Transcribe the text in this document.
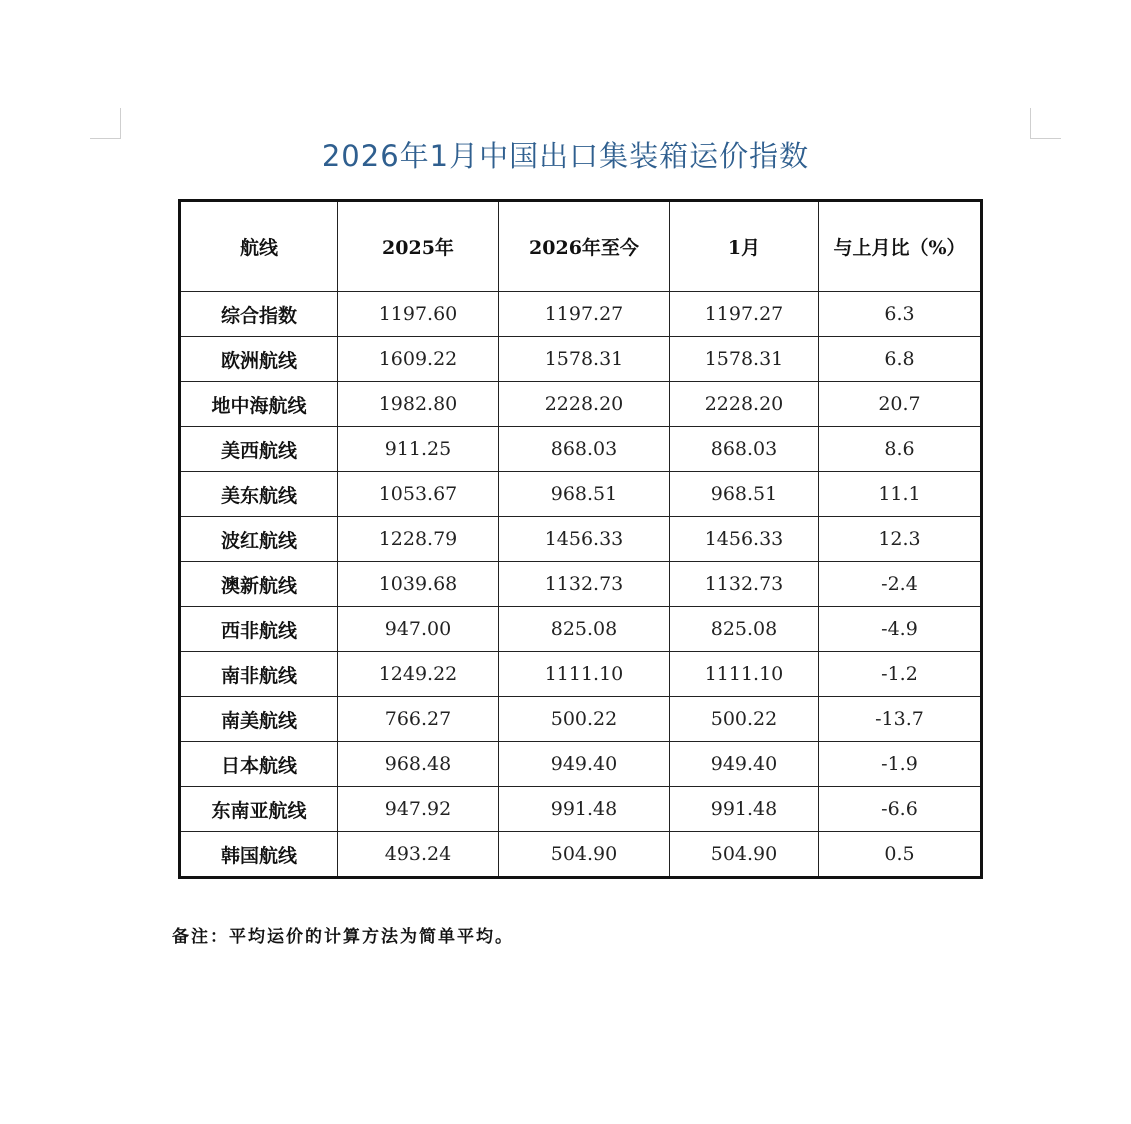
2026年1月中国出口集装箱运价指数
航线	2025年	2026年至今	1月	与上月比（%）
综合指数	1197.60	1197.27	1197.27	6.3
欧洲航线	1609.22	1578.31	1578.31	6.8
地中海航线	1982.80	2228.20	2228.20	20.7
美西航线	911.25	868.03	868.03	8.6
美东航线	1053.67	968.51	968.51	11.1
波红航线	1228.79	1456.33	1456.33	12.3
澳新航线	1039.68	1132.73	1132.73	-2.4
西非航线	947.00	825.08	825.08	-4.9
南非航线	1249.22	1111.10	1111.10	-1.2
南美航线	766.27	500.22	500.22	-13.7
日本航线	968.48	949.40	949.40	-1.9
东南亚航线	947.92	991.48	991.48	-6.6
韩国航线	493.24	504.90	504.90	0.5
备注：平均运价的计算方法为简单平均。
